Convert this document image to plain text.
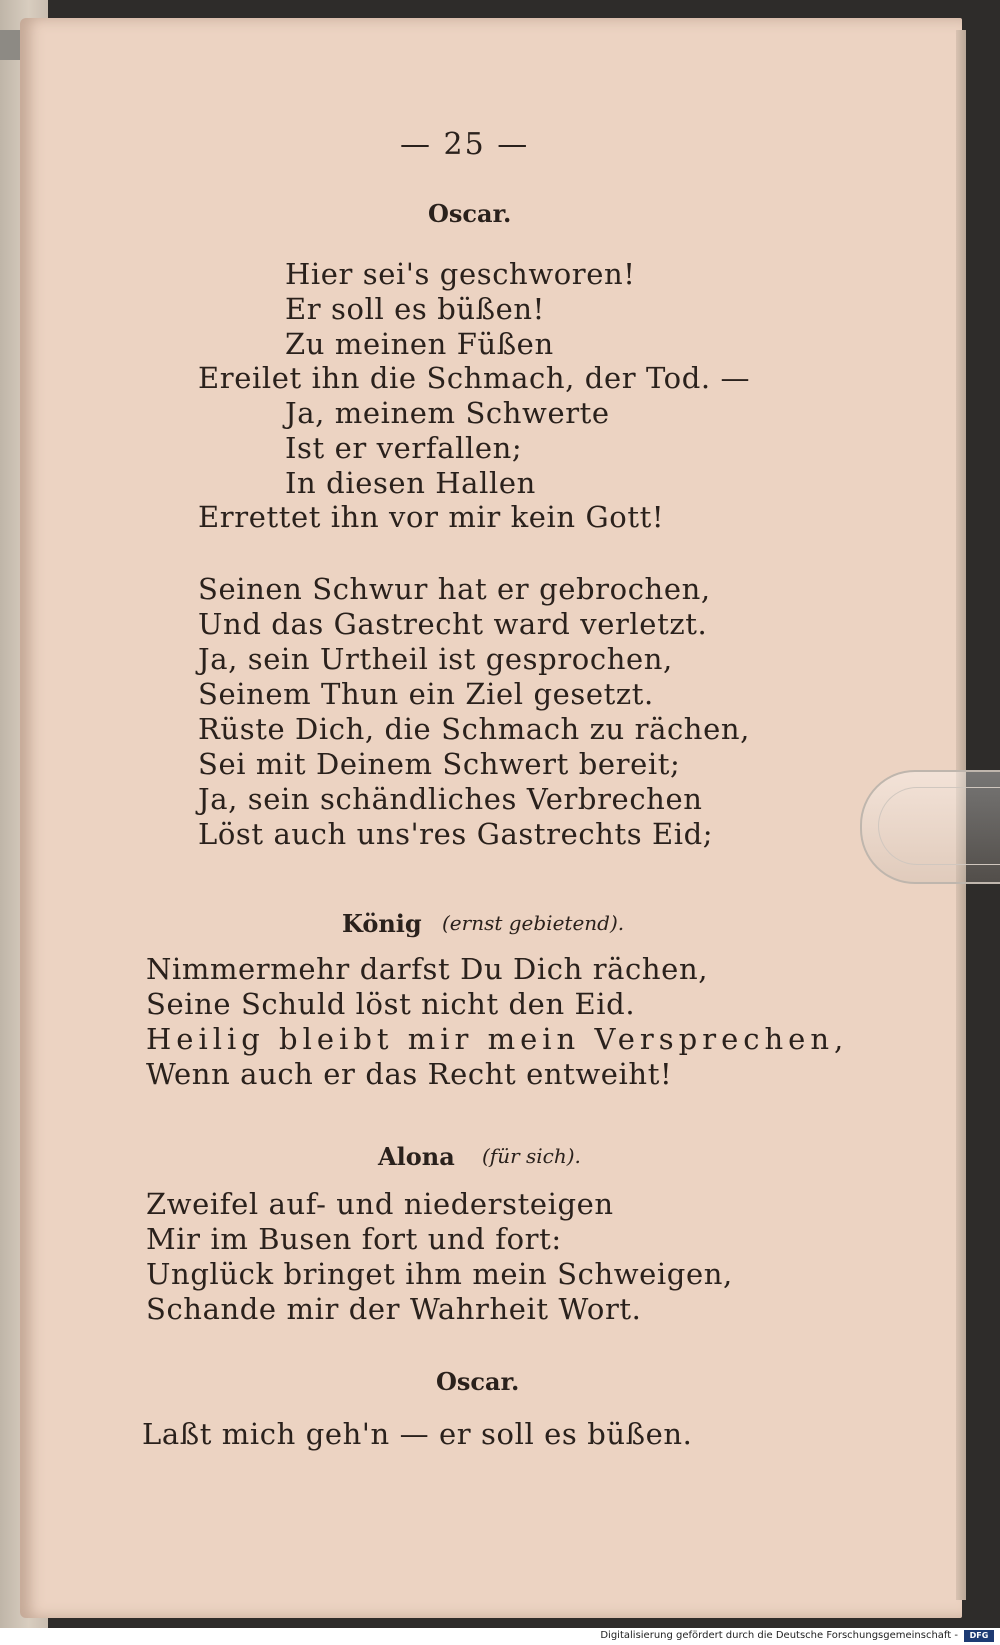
— 25 —
Oscar.
Hier sei's geschworen!
Er soll es büßen!
Zu meinen Füßen
Ereilet ihn die Schmach, der Tod. —
Ja, meinem Schwerte
Ist er verfallen;
In diesen Hallen
Errettet ihn vor mir kein Gott!
Seinen Schwur hat er gebrochen,
Und das Gastrecht ward verletzt.
Ja, sein Urtheil ist gesprochen,
Seinem Thun ein Ziel gesetzt.
Rüste Dich, die Schmach zu rächen,
Sei mit Deinem Schwert bereit;
Ja, sein schändliches Verbrechen
Löst auch uns'res Gastrechts Eid;
König (ernst gebietend).
Nimmermehr darfst Du Dich rächen,
Seine Schuld löst nicht den Eid.
Heilig bleibt mir mein Versprechen,
Wenn auch er das Recht entweiht!
Alona (für sich).
Zweifel auf- und niedersteigen
Mir im Busen fort und fort:
Unglück bringet ihm mein Schweigen,
Schande mir der Wahrheit Wort.
Oscar.
Laßt mich geh'n — er soll es büßen.
Digitalisierung gefördert durch die Deutsche Forschungsgemeinschaft -	DFG
